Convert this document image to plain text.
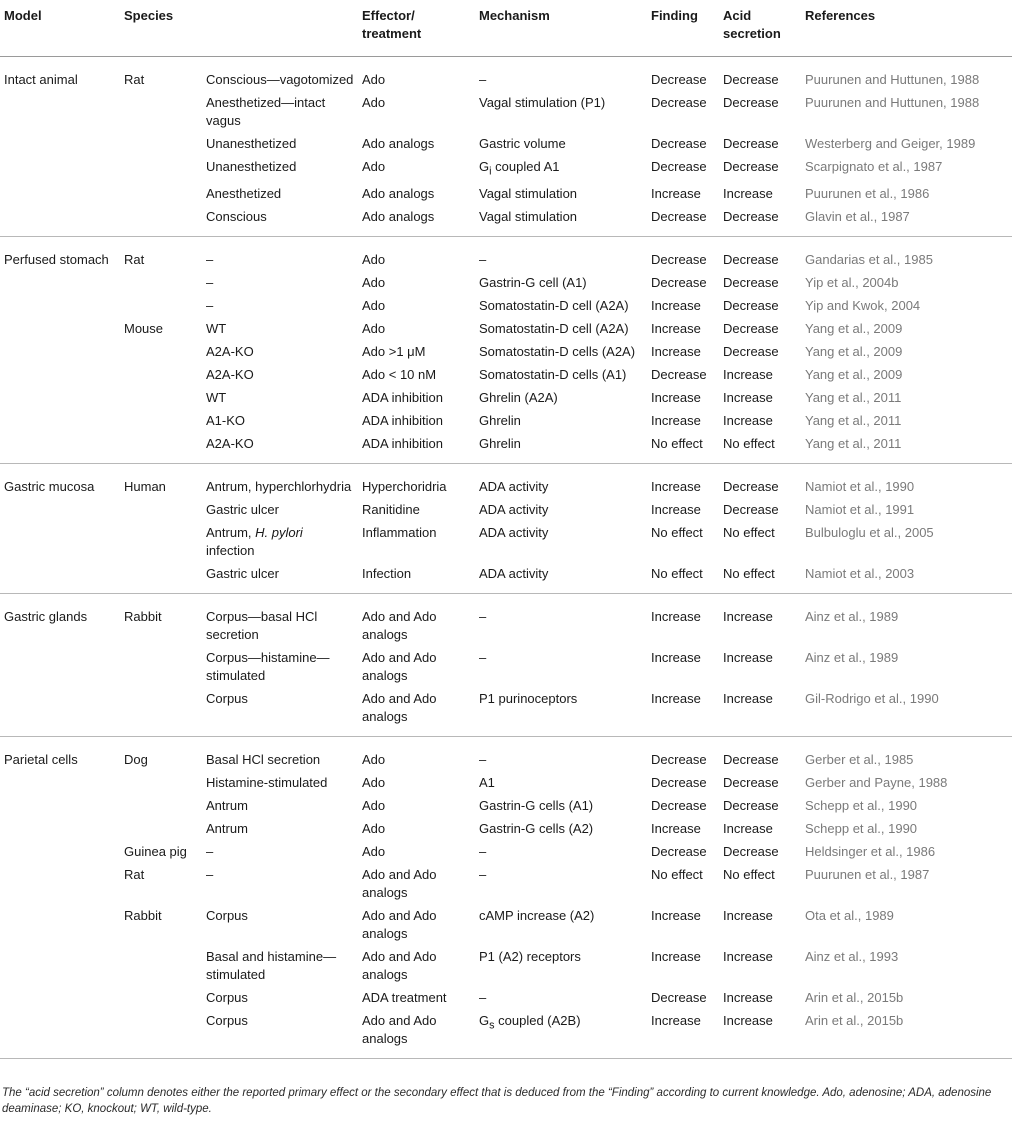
Model	Species		Effector/ treatment	Mechanism	Finding	Acid secretion	References
Intact animal	Rat	Conscious—vagotomized	Ado	–	Decrease	Decrease	Puurunen and Huttunen, 1988
		Anesthetized—intact vagus	Ado	Vagal stimulation (P1)	Decrease	Decrease	Puurunen and Huttunen, 1988
		Unanesthetized	Ado analogs	Gastric volume	Decrease	Decrease	Westerberg and Geiger, 1989
		Unanesthetized	Ado	$G_i$ coupled A1	Decrease	Decrease	Scarpignato et al., 1987
		Anesthetized	Ado analogs	Vagal stimulation	Increase	Increase	Puurunen et al., 1986
		Conscious	Ado analogs	Vagal stimulation	Decrease	Decrease	Glavin et al., 1987
Perfused stomach	Rat	–	Ado	–	Decrease	Decrease	Gandarias et al., 1985
		–	Ado	Gastrin-G cell (A1)	Decrease	Decrease	Yip et al., 2004b
		–	Ado	Somatostatin-D cell (A2A)	Increase	Decrease	Yip and Kwok, 2004
	Mouse	WT	Ado	Somatostatin-D cell (A2A)	Increase	Decrease	Yang et al., 2009
		A2A-KO	Ado >1 μM	Somatostatin-D cells (A2A)	Increase	Decrease	Yang et al., 2009
		A2A-KO	Ado < 10 nM	Somatostatin-D cells (A1)	Decrease	Increase	Yang et al., 2009
		WT	ADA inhibition	Ghrelin (A2A)	Increase	Increase	Yang et al., 2011
		A1-KO	ADA inhibition	Ghrelin	Increase	Increase	Yang et al., 2011
		A2A-KO	ADA inhibition	Ghrelin	No effect	No effect	Yang et al., 2011
Gastric mucosa	Human	Antrum, hyperchlorhydria	Hyperchoridria	ADA activity	Increase	Decrease	Namiot et al., 1990
		Gastric ulcer	Ranitidine	ADA activity	Increase	Decrease	Namiot et al., 1991
		Antrum, H. pylori infection	Inflammation	ADA activity	No effect	No effect	Bulbuloglu et al., 2005
		Gastric ulcer	Infection	ADA activity	No effect	No effect	Namiot et al., 2003
Gastric glands	Rabbit	Corpus—basal HCl secretion	Ado and Ado analogs	–	Increase	Increase	Ainz et al., 1989
		Corpus—histamine—stimulated	Ado and Ado analogs	–	Increase	Increase	Ainz et al., 1989
		Corpus	Ado and Ado analogs	P1 purinoceptors	Increase	Increase	Gil-Rodrigo et al., 1990
Parietal cells	Dog	Basal HCl secretion	Ado	–	Decrease	Decrease	Gerber et al., 1985
		Histamine-stimulated	Ado	A1	Decrease	Decrease	Gerber and Payne, 1988
		Antrum	Ado	Gastrin-G cells (A1)	Decrease	Decrease	Schepp et al., 1990
		Antrum	Ado	Gastrin-G cells (A2)	Increase	Increase	Schepp et al., 1990
	Guinea pig	–	Ado	–	Decrease	Decrease	Heldsinger et al., 1986
	Rat	–	Ado and Ado analogs	–	No effect	No effect	Puurunen et al., 1987
	Rabbit	Corpus	Ado and Ado analogs	cAMP increase (A2)	Increase	Increase	Ota et al., 1989
		Basal and histamine—stimulated	Ado and Ado analogs	P1 (A2) receptors	Increase	Increase	Ainz et al., 1993
		Corpus	ADA treatment	–	Decrease	Increase	Arin et al., 2015b
		Corpus	Ado and Ado analogs	$G_s$ coupled (A2B)	Increase	Increase	Arin et al., 2015b

The “acid secretion” column denotes either the reported primary effect or the secondary effect that is deduced from the “Finding” according to current knowledge. Ado, adenosine; ADA, adenosine deaminase; KO, knockout; WT, wild-type.
